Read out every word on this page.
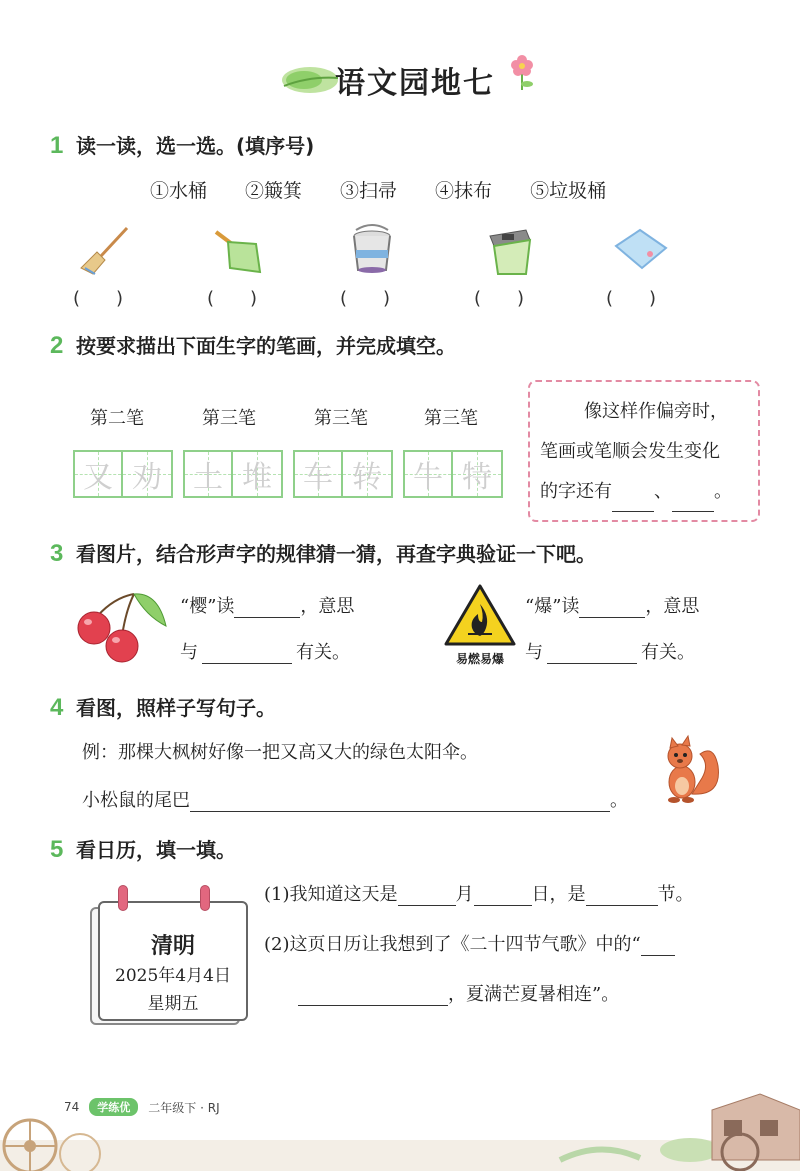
语文园地七
1 读一读，选一选。(填序号)
①水桶 ②簸箕 ③扫帚 ④抹布 ⑤垃圾桶
(　　)	(　　)	(　　)	(　　)	(　　)
2 按要求描出下面生字的笔画，并完成填空。
第二笔	第三笔	第三笔	第三笔
又 劝 土 堆 车 转 牛 特
像这样作偏旁时，
笔画或笔顺会发生变化
的字还有 、 。
3 看图片，结合形声字的规律猜一猜，再查字典验证一下吧。
“樱”读	，意思
与	有关。	易燃易爆
“爆”读	，意思
与	有关。
4 看图，照样子写句子。
例：那棵大枫树好像一把又高又大的绿色太阳伞。
小松鼠的尾巴	。
5 看日历，填一填。
清明
2025年4月4日
星期五
(1)我知道这天是	月	日，是	节。
(2)这页日历让我想到了《二十四节气歌》中的“
，夏满芒夏暑相连”。
74	学练优	二年级下 · RJ
